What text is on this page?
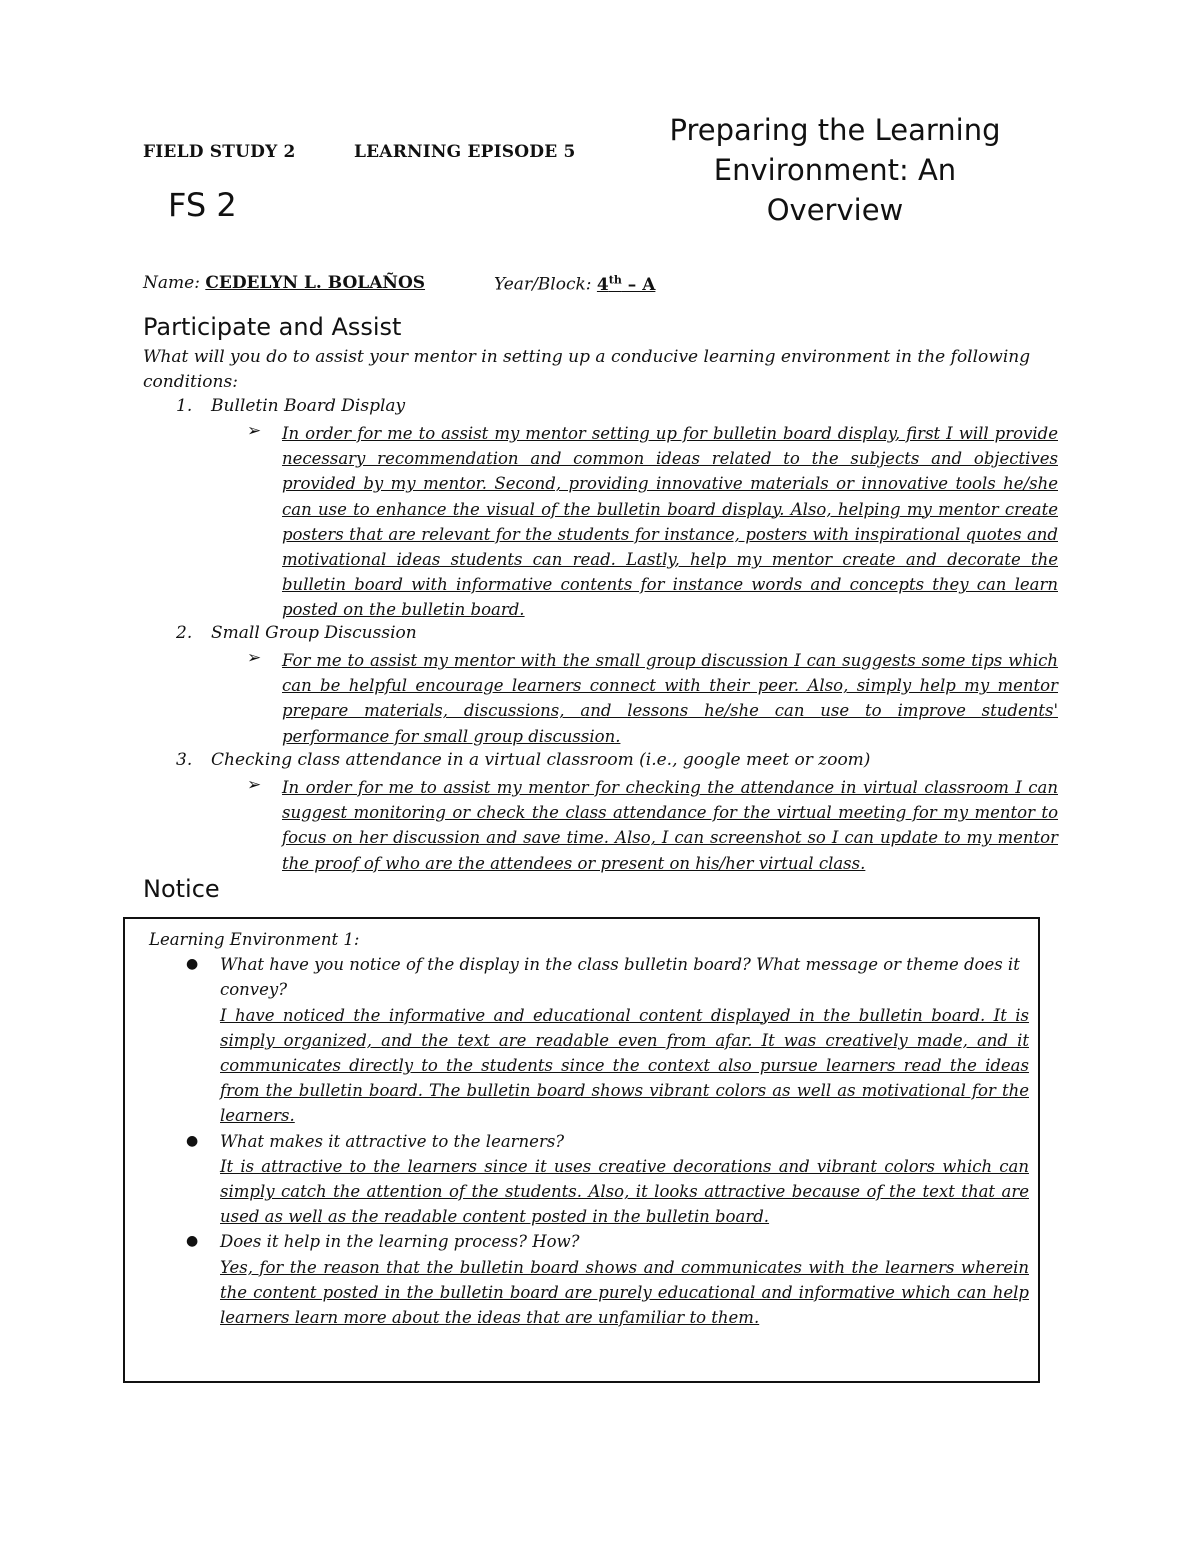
FIELD STUDY 2	LEARNING EPISODE 5
FS 2
Preparing the Learning
Environment: An
Overview
Name: CEDELYN L. BOLAÑOS	Year/Block: 4th – A
Participate and Assist
What will you do to assist your mentor in setting up a conducive learning environment in the following conditions:
1. Bulletin Board Display
➢ In order for me to assist my mentor setting up for bulletin board display, first I will provide necessary recommendation and common ideas related to the subjects and objectives provided by my mentor. Second, providing innovative materials or innovative tools he/she can use to enhance the visual of the bulletin board display. Also, helping my mentor create posters that are relevant for the students for instance, posters with inspirational quotes and motivational ideas students can read. Lastly, help my mentor create and decorate the bulletin board with informative contents for instance words and concepts they can learn posted on the bulletin board.
2. Small Group Discussion
➢ For me to assist my mentor with the small group discussion I can suggests some tips which can be helpful encourage learners connect with their peer. Also, simply help my mentor prepare materials, discussions, and lessons he/she can use to improve students' performance for small group discussion.
3. Checking class attendance in a virtual classroom (i.e., google meet or zoom)
➢ In order for me to assist my mentor for checking the attendance in virtual classroom I can suggest monitoring or check the class attendance for the virtual meeting for my mentor to focus on her discussion and save time. Also, I can screenshot so I can update to my mentor the proof of who are the attendees or present on his/her virtual class.
Notice
Learning Environment 1:
● What have you notice of the display in the class bulletin board? What message or theme does it convey?
I have noticed the informative and educational content displayed in the bulletin board. It is simply organized, and the text are readable even from afar. It was creatively made, and it communicates directly to the students since the context also pursue learners read the ideas from the bulletin board. The bulletin board shows vibrant colors as well as motivational for the learners.
● What makes it attractive to the learners?
It is attractive to the learners since it uses creative decorations and vibrant colors which can simply catch the attention of the students. Also, it looks attractive because of the text that are used as well as the readable content posted in the bulletin board.
● Does it help in the learning process? How?
Yes, for the reason that the bulletin board shows and communicates with the learners wherein the content posted in the bulletin board are purely educational and informative which can help learners learn more about the ideas that are unfamiliar to them.
